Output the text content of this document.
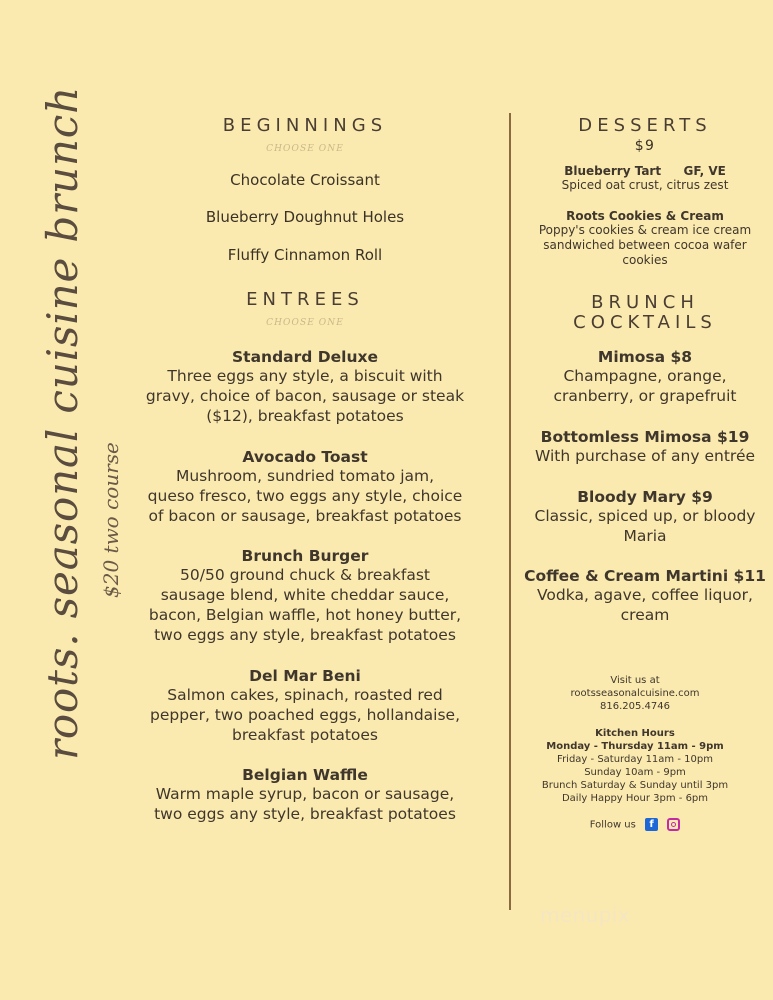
roots. seasonal cuisine brunch $20 two course
BEGINNINGS
CHOOSE ONE
Chocolate Croissant
Blueberry Doughnut Holes
Fluffy Cinnamon Roll
ENTREES
CHOOSE ONE
Standard Deluxe
Three eggs any style, a biscuit with
gravy, choice of bacon, sausage or steak
($12), breakfast potatoes
Avocado Toast
Mushroom, sundried tomato jam,
queso fresco, two eggs any style, choice
of bacon or sausage, breakfast potatoes
Brunch Burger
50/50 ground chuck & breakfast
sausage blend, white cheddar sauce,
bacon, Belgian waffle, hot honey butter,
two eggs any style, breakfast potatoes
Del Mar Beni
Salmon cakes, spinach, roasted red
pepper, two poached eggs, hollandaise,
breakfast potatoes
Belgian Waffle
Warm maple syrup, bacon or sausage,
two eggs any style, breakfast potatoes
DESSERTS
$9
Blueberry Tart GF, VE
Spiced oat crust, citrus zest
Roots Cookies & Cream
Poppy's cookies & cream ice cream
sandwiched between cocoa wafer
cookies
BRUNCH
COCKTAILS
Mimosa $8
Champagne, orange,
cranberry, or grapefruit
Bottomless Mimosa $19
With purchase of any entrée
Bloody Mary $9
Classic, spiced up, or bloody
Maria
Coffee & Cream Martini $11
Vodka, agave, coffee liquor,
cream
Visit us at
rootsseasonalcuisine.com
816.205.4746
Kitchen Hours
Monday - Thursday 11am - 9pm
Friday - Saturday 11am - 10pm
Sunday 10am - 9pm
Brunch Saturday & Sunday until 3pm
Daily Happy Hour 3pm - 6pm
Follow us f
menupix
